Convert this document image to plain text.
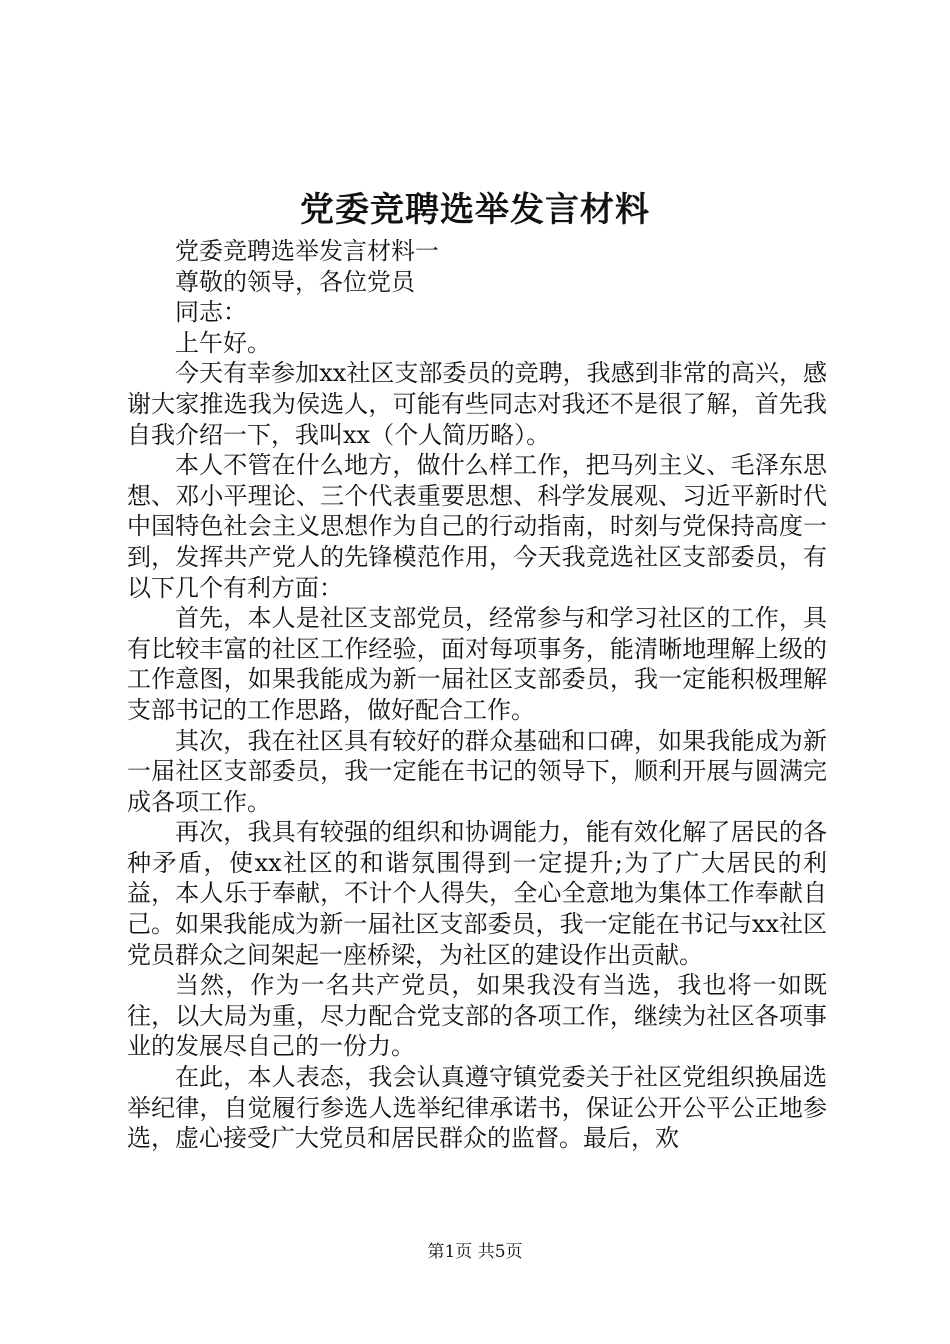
党委竞聘选举发言材料

党委竞聘选举发言材料一

尊敬的领导，各位党员

同志：

上午好。

今天有幸参加xx社区支部委员的竞聘，我感到非常的高兴，感谢大家推选我为侯选人，可能有些同志对我还不是很了解，首先我自我介绍一下，我叫xx（个人简历略）。

本人不管在什么地方，做什么样工作，把马列主义、毛泽东思想、邓小平理论、三个代表重要思想、科学发展观、习近平新时代中国特色社会主义思想作为自己的行动指南，时刻与党保持高度一到，发挥共产党人的先锋模范作用，今天我竞选社区支部委员，有以下几个有利方面：

首先，本人是社区支部党员，经常参与和学习社区的工作，具有比较丰富的社区工作经验，面对每项事务，能清晰地理解上级的工作意图，如果我能成为新一届社区支部委员，我一定能积极理解支部书记的工作思路，做好配合工作。

其次，我在社区具有较好的群众基础和口碑，如果我能成为新一届社区支部委员，我一定能在书记的领导下，顺利开展与圆满完成各项工作。

再次，我具有较强的组织和协调能力，能有效化解了居民的各种矛盾，使xx社区的和谐氛围得到一定提升;为了广大居民的利益，本人乐于奉献，不计个人得失，全心全意地为集体工作奉献自己。如果我能成为新一届社区支部委员，我一定能在书记与xx社区党员群众之间架起一座桥梁，为社区的建设作出贡献。

当然，作为一名共产党员，如果我没有当选，我也将一如既往，以大局为重，尽力配合党支部的各项工作，继续为社区各项事业的发展尽自己的一份力。

在此，本人表态，我会认真遵守镇党委关于社区党组织换届选举纪律，自觉履行参选人选举纪律承诺书，保证公开公平公正地参选，虚心接受广大党员和居民群众的监督。最后，欢

第1页 共5页
